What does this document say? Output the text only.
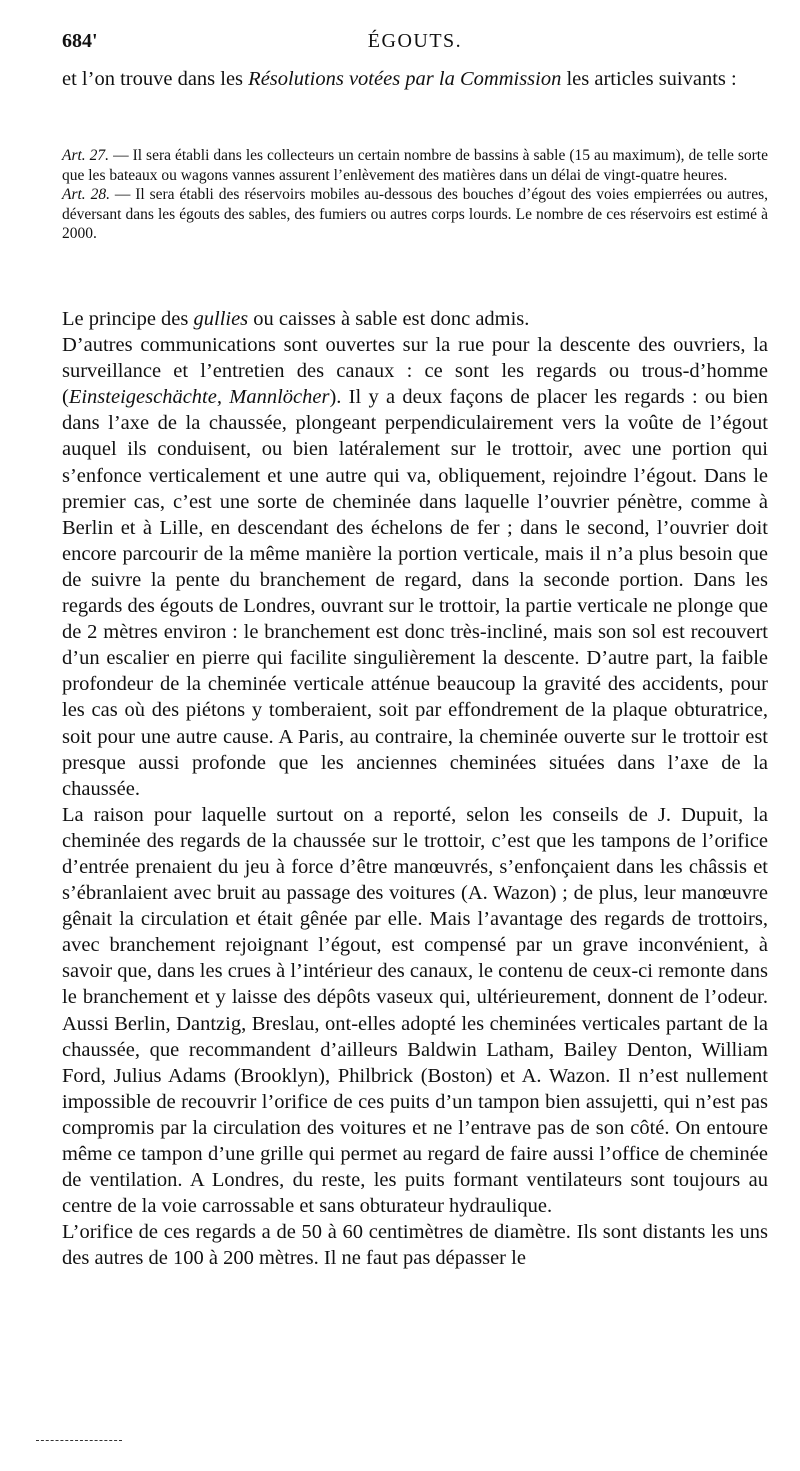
684'	ÉGOUTS.
et l’on trouve dans les Résolutions votées par la Commission les articles suivants :

Art. 27. — Il sera établi dans les collecteurs un certain nombre de bassins à sable (15 au maximum), de telle sorte que les bateaux ou wagons vannes assurent l’enlèvement des matières dans un délai de vingt-quatre heures.

Art. 28. — Il sera établi des réservoirs mobiles au-dessous des bouches d’égout des voies empierrées ou autres, déversant dans les égouts des sables, des fumiers ou autres corps lourds. Le nombre de ces réservoirs est estimé à 2000.

Le principe des gullies ou caisses à sable est donc admis.

D’autres communications sont ouvertes sur la rue pour la descente des ouvriers, la surveillance et l’entretien des canaux : ce sont les regards ou trous-d’homme (Einsteigeschächte, Mannlöcher). Il y a deux façons de placer les regards : ou bien dans l’axe de la chaussée, plongeant perpendiculairement vers la voûte de l’égout auquel ils conduisent, ou bien latéralement sur le trottoir, avec une portion qui s’enfonce verticalement et une autre qui va, obliquement, rejoindre l’égout. Dans le premier cas, c’est une sorte de cheminée dans laquelle l’ouvrier pénètre, comme à Berlin et à Lille, en descendant des échelons de fer ; dans le second, l’ouvrier doit encore parcourir de la même manière la portion verticale, mais il n’a plus besoin que de suivre la pente du branchement de regard, dans la seconde portion. Dans les regards des égouts de Londres, ouvrant sur le trottoir, la partie verticale ne plonge que de 2 mètres environ : le branchement est donc très-incliné, mais son sol est recouvert d’un escalier en pierre qui facilite singulièrement la descente. D’autre part, la faible profondeur de la cheminée verticale atténue beaucoup la gravité des accidents, pour les cas où des piétons y tomberaient, soit par effondrement de la plaque obturatrice, soit pour une autre cause. A Paris, au contraire, la cheminée ouverte sur le trottoir est presque aussi profonde que les anciennes cheminées situées dans l’axe de la chaussée.

La raison pour laquelle surtout on a reporté, selon les conseils de J. Dupuit, la cheminée des regards de la chaussée sur le trottoir, c’est que les tampons de l’orifice d’entrée prenaient du jeu à force d’être manœuvrés, s’enfonçaient dans les châssis et s’ébranlaient avec bruit au passage des voitures (A. Wazon) ; de plus, leur manœuvre gênait la circulation et était gênée par elle. Mais l’avantage des regards de trottoirs, avec branchement rejoignant l’égout, est compensé par un grave inconvénient, à savoir que, dans les crues à l’intérieur des canaux, le contenu de ceux-ci remonte dans le branchement et y laisse des dépôts vaseux qui, ultérieurement, donnent de l’odeur. Aussi Berlin, Dantzig, Breslau, ont-elles adopté les cheminées verticales partant de la chaussée, que recommandent d’ailleurs Baldwin Latham, Bailey Denton, William Ford, Julius Adams (Brooklyn), Philbrick (Boston) et A. Wazon. Il n’est nullement impossible de recouvrir l’orifice de ces puits d’un tampon bien assujetti, qui n’est pas compromis par la circulation des voitures et ne l’entrave pas de son côté. On entoure même ce tampon d’une grille qui permet au regard de faire aussi l’office de cheminée de ventilation. A Londres, du reste, les puits formant ventilateurs sont toujours au centre de la voie carrossable et sans obturateur hydraulique.

L’orifice de ces regards a de 50 à 60 centimètres de diamètre. Ils sont distants les uns des autres de 100 à 200 mètres. Il ne faut pas dépasser le
